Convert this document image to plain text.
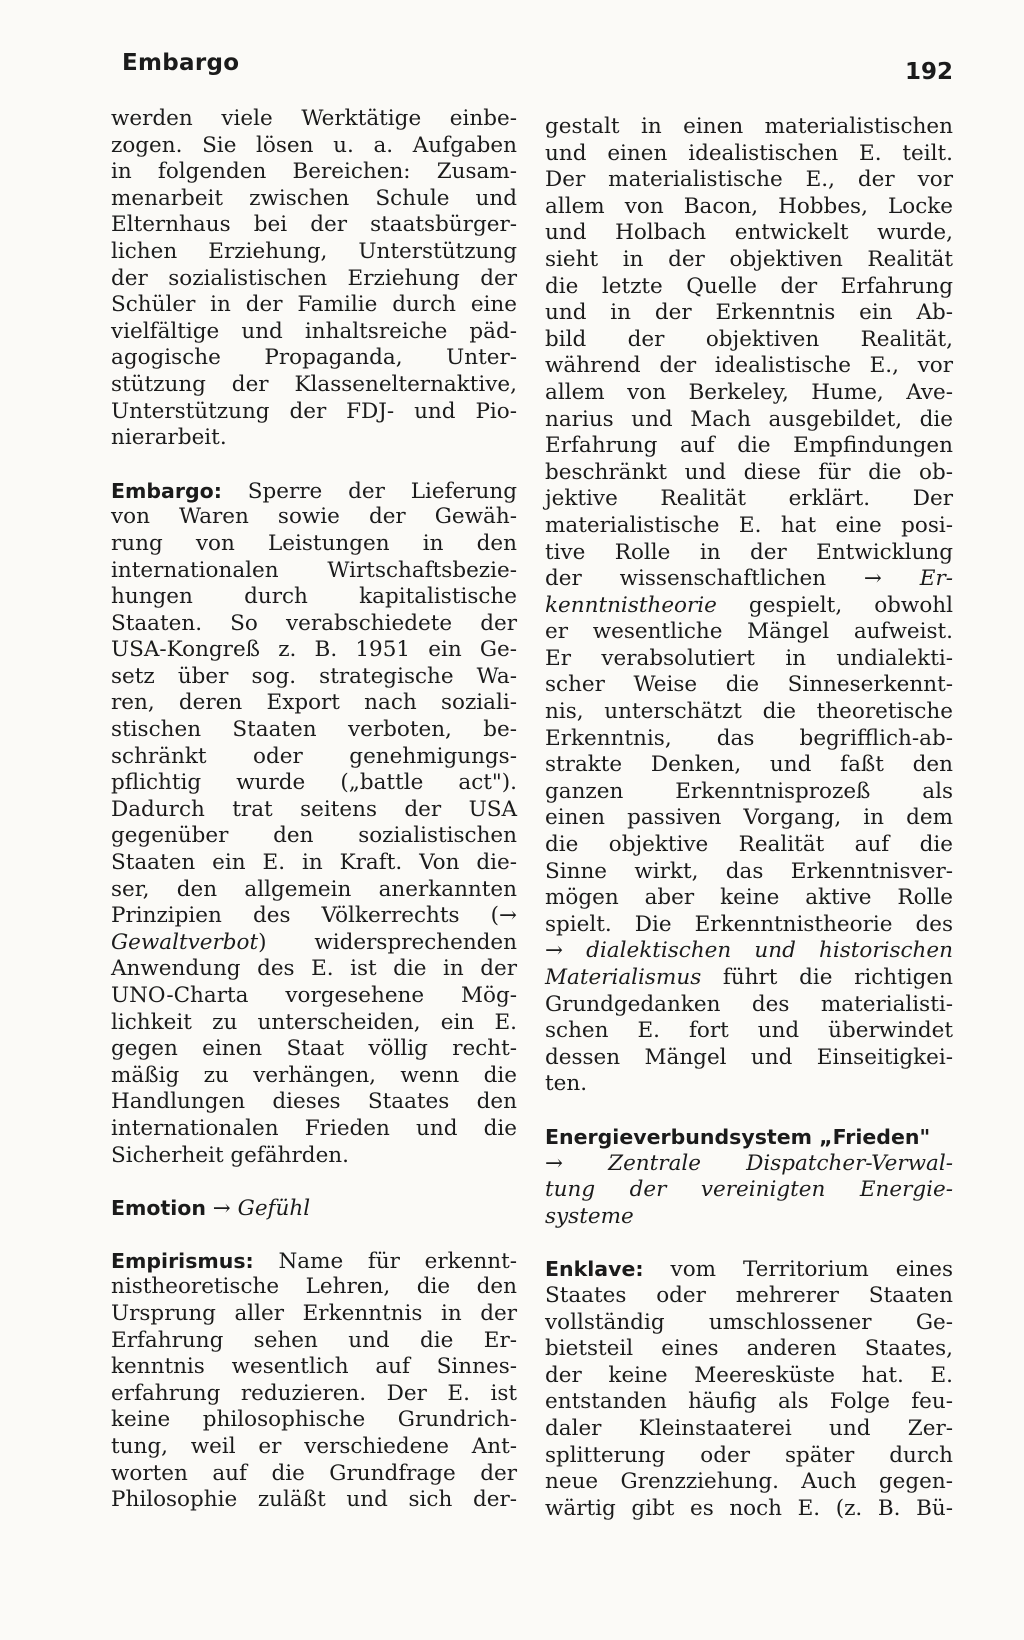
Embargo	192
werden viele Werktätige einbe-
zogen. Sie lösen u. a. Aufgaben
in folgenden Bereichen: Zusam-
menarbeit zwischen Schule und
Elternhaus bei der staatsbürger-
lichen Erziehung, Unterstützung
der sozialistischen Erziehung der
Schüler in der Familie durch eine
vielfältige und inhaltsreiche päd-
agogische Propaganda, Unter-
stützung der Klassenelternaktive,
Unterstützung der FDJ- und Pio-
nierarbeit.
Embargo: Sperre der Lieferung
von Waren sowie der Gewäh-
rung von Leistungen in den
internationalen Wirtschaftsbezie-
hungen durch kapitalistische
Staaten. So verabschiedete der
USA-Kongreß z. B. 1951 ein Ge-
setz über sog. strategische Wa-
ren, deren Export nach soziali-
stischen Staaten verboten, be-
schränkt oder genehmigungs-
pflichtig wurde („battle act").
Dadurch trat seitens der USA
gegenüber den sozialistischen
Staaten ein E. in Kraft. Von die-
ser, den allgemein anerkannten
Prinzipien des Völkerrechts (→
Gewaltverbot) widersprechenden
Anwendung des E. ist die in der
UNO-Charta vorgesehene Mög-
lichkeit zu unterscheiden, ein E.
gegen einen Staat völlig recht-
mäßig zu verhängen, wenn die
Handlungen dieses Staates den
internationalen Frieden und die
Sicherheit gefährden.
Emotion → Gefühl
Empirismus: Name für erkennt-
nistheoretische Lehren, die den
Ursprung aller Erkenntnis in der
Erfahrung sehen und die Er-
kenntnis wesentlich auf Sinnes-
erfahrung reduzieren. Der E. ist
keine philosophische Grundrich-
tung, weil er verschiedene Ant-
worten auf die Grundfrage der
Philosophie zuläßt und sich der-
gestalt in einen materialistischen
und einen idealistischen E. teilt.
Der materialistische E., der vor
allem von Bacon, Hobbes, Locke
und Holbach entwickelt wurde,
sieht in der objektiven Realität
die letzte Quelle der Erfahrung
und in der Erkenntnis ein Ab-
bild der objektiven Realität,
während der idealistische E., vor
allem von Berkeley, Hume, Ave-
narius und Mach ausgebildet, die
Erfahrung auf die Empfindungen
beschränkt und diese für die ob-
jektive Realität erklärt. Der
materialistische E. hat eine posi-
tive Rolle in der Entwicklung
der wissenschaftlichen → Er-
kenntnistheorie gespielt, obwohl
er wesentliche Mängel aufweist.
Er verabsolutiert in undialekti-
scher Weise die Sinneserkennt-
nis, unterschätzt die theoretische
Erkenntnis, das begrifflich-ab-
strakte Denken, und faßt den
ganzen Erkenntnisprozeß als
einen passiven Vorgang, in dem
die objektive Realität auf die
Sinne wirkt, das Erkenntnisver-
mögen aber keine aktive Rolle
spielt. Die Erkenntnistheorie des
→ dialektischen und historischen
Materialismus führt die richtigen
Grundgedanken des materialisti-
schen E. fort und überwindet
dessen Mängel und Einseitigkei-
ten.
Energieverbundsystem „Frieden"
→ Zentrale Dispatcher-Verwal-
tung der vereinigten Energie-
systeme
Enklave: vom Territorium eines
Staates oder mehrerer Staaten
vollständig umschlossener Ge-
bietsteil eines anderen Staates,
der keine Meeresküste hat. E.
entstanden häufig als Folge feu-
daler Kleinstaaterei und Zer-
splitterung oder später durch
neue Grenzziehung. Auch gegen-
wärtig gibt es noch E. (z. B. Bü-
